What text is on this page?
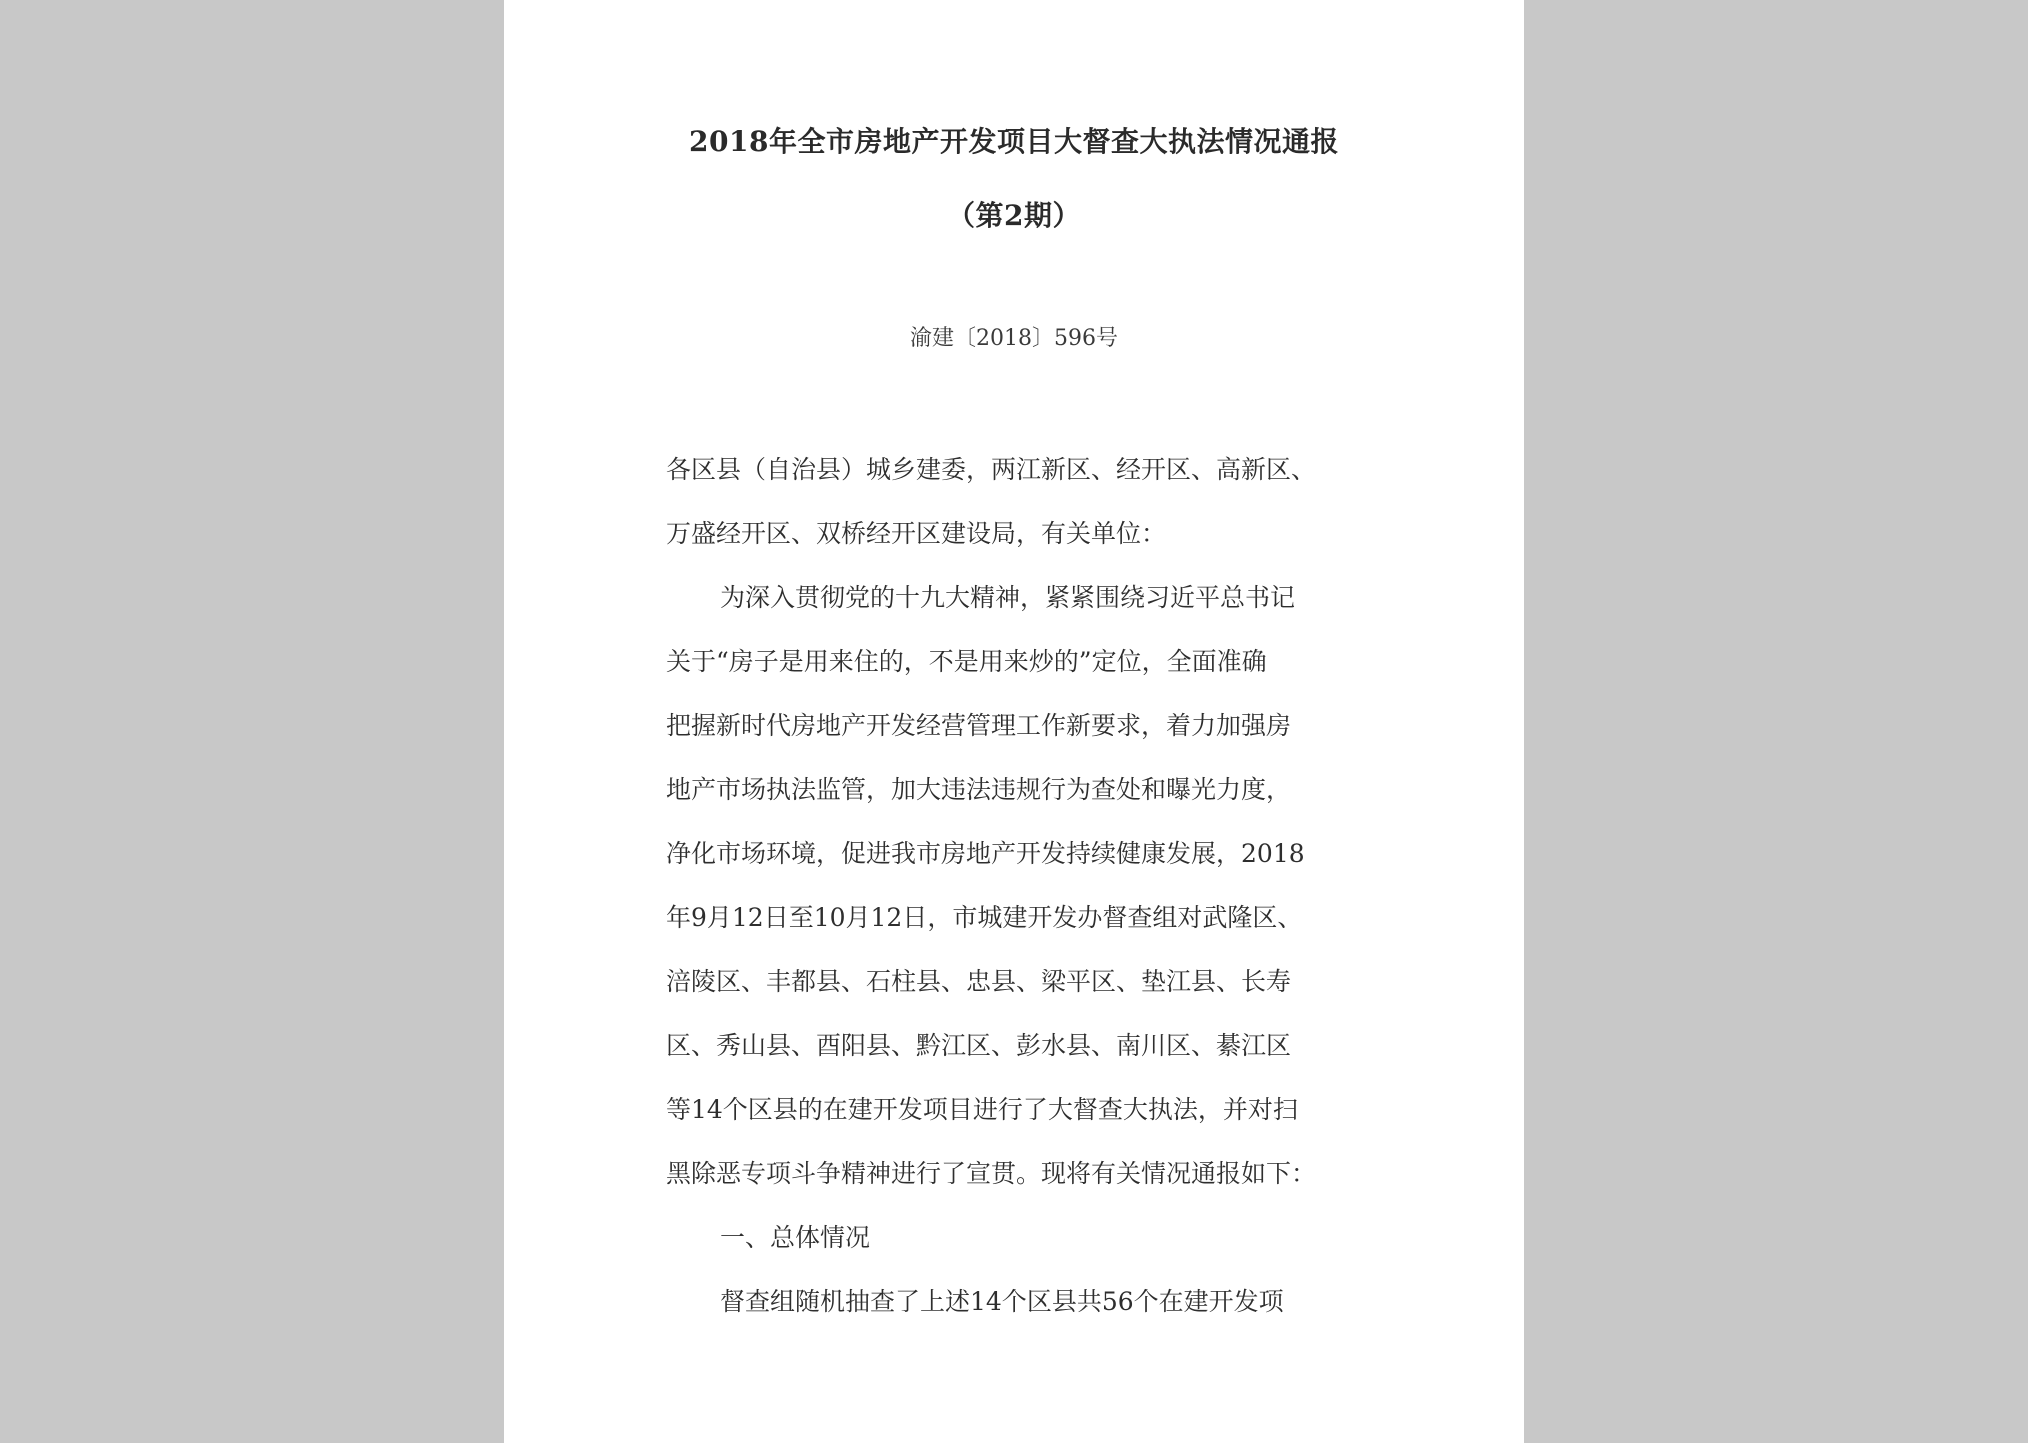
2018年全市房地产开发项目大督查大执法情况通报
（第2期）
渝建〔2018〕596号
各区县（自治县）城乡建委，两江新区、经开区、高新区、
万盛经开区、双桥经开区建设局，有关单位：
为深入贯彻党的十九大精神，紧紧围绕习近平总书记
关于“房子是用来住的，不是用来炒的”定位，全面准确
把握新时代房地产开发经营管理工作新要求，着力加强房
地产市场执法监管，加大违法违规行为查处和曝光力度，
净化市场环境，促进我市房地产开发持续健康发展，2018
年9月12日至10月12日，市城建开发办督查组对武隆区、
涪陵区、丰都县、石柱县、忠县、梁平区、垫江县、长寿
区、秀山县、酉阳县、黔江区、彭水县、南川区、綦江区
等14个区县的在建开发项目进行了大督查大执法，并对扫
黑除恶专项斗争精神进行了宣贯。现将有关情况通报如下：
一、总体情况
督查组随机抽查了上述14个区县共56个在建开发项
